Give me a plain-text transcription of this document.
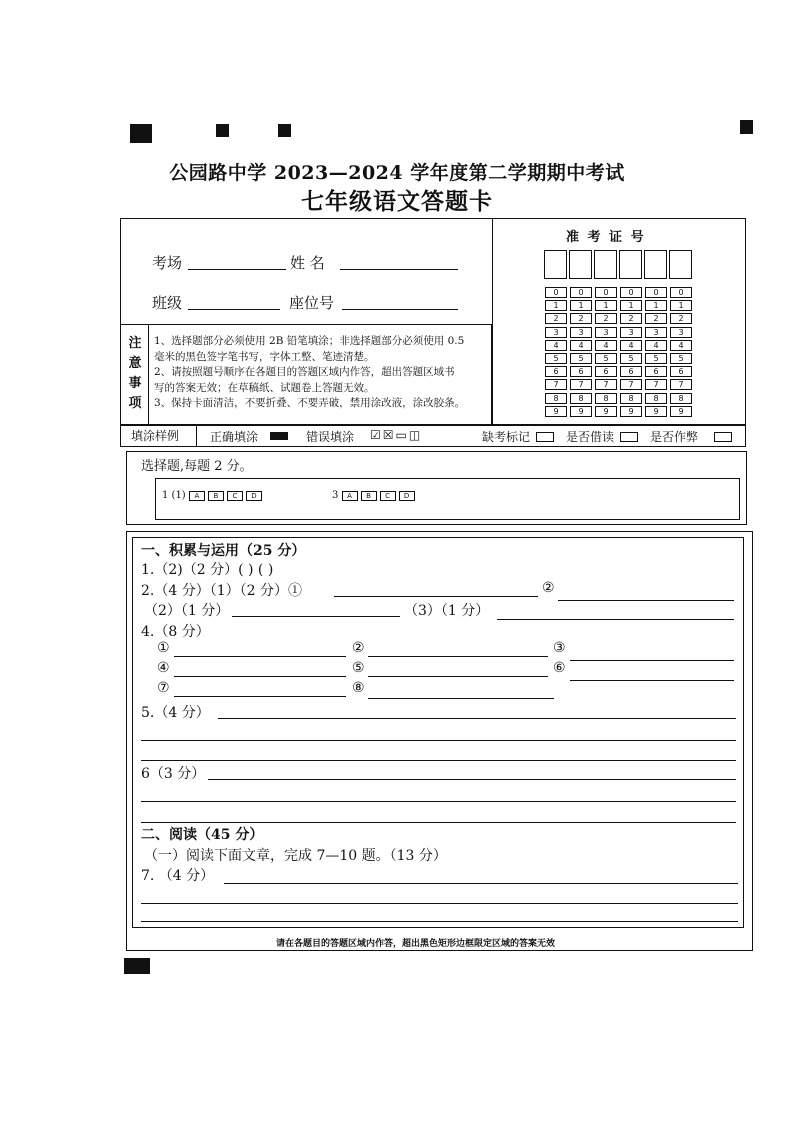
公园路中学 2023—2024 学年度第二学期期中考试
七年级语文答题卡
考场	姓 名
班级	座位号
注
意
事
项
1、选择题部分必须使用 2B 铅笔填涂；非选择题部分必须使用 0.5
毫米的黑色签字笔书写，字体工整、笔迹清楚。
2、请按照题号顺序在各题目的答题区域内作答，超出答题区域书
写的答案无效；在草稿纸、试题卷上答题无效。
3、保持卡面清洁，不要折叠、不要弄破，禁用涂改液，涂改胶条。
准 考 证 号
0	0	0	0	0	0
1	1	1	1	1	1
2	2	2	2	2	2
3	3	3	3	3	3
4	4	4	4	4	4
5	5	5	5	5	5
6	6	6	6	6	6
7	7	7	7	7	7
8	8	8	8	8	8
9	9	9	9	9	9
填涂样例	正确填涂	错误填涂 ☑☒▭◫	缺考标记	是否借读	是否作弊
选择题,每题 2 分。
1 (1) A B C D	3 A B C D
一、积累与运用（25 分）
1.（2)（2 分）( ) ( )
2.（4 分）（1）（2 分）①	②
（2）（1 分）	（3）（1 分）
4.（8 分）
①	②	③
④	⑤	⑥
⑦	⑧
5.（4 分）
6（3 分）
二、阅读（45 分）
（一）阅读下面文章，完成 7—10 题。（13 分）
7. （4 分）
请在各题目的答题区域内作答，超出黑色矩形边框限定区域的答案无效
